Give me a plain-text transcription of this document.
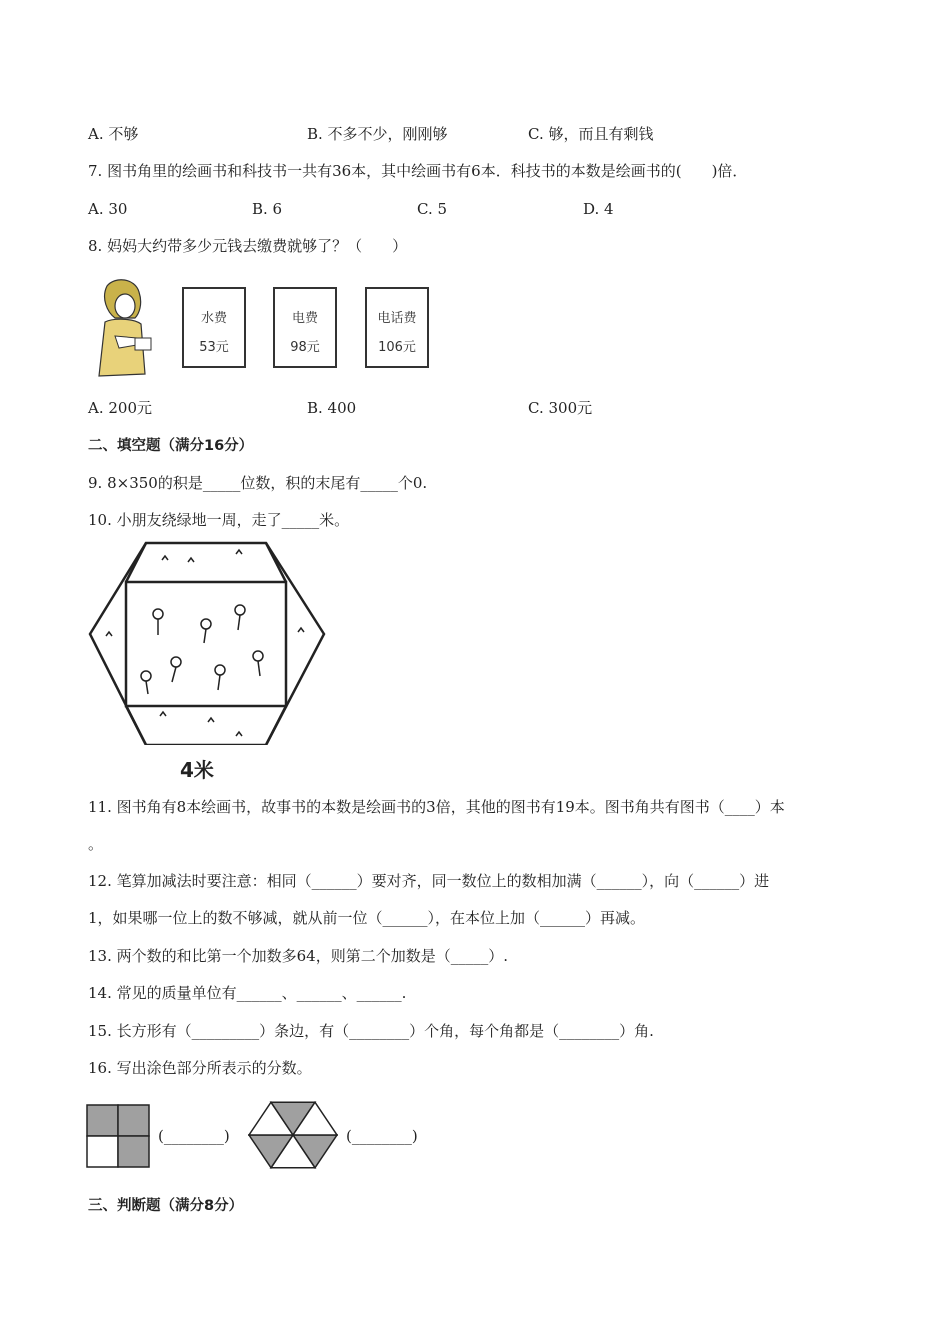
A. 不够	B. 不多不少，刚刚够	C. 够，而且有剩钱
7. 图书角里的绘画书和科技书一共有36本，其中绘画书有6本．科技书的本数是绘画书的(　　)倍．
A. 30	B. 6	C. 5	D. 4
8. 妈妈大约带多少元钱去缴费就够了？（　　）
水费
53元
电费
98元
电话费
106元
A. 200元	B. 400	C. 300元
二、填空题（满分16分）
9. 8×350的积是_____位数，积的末尾有_____个0.
10. 小朋友绕绿地一周，走了_____米。
4米
11. 图书角有8本绘画书，故事书的本数是绘画书的3倍，其他的图书有19本。图书角共有图书（____）本
。
12. 笔算加减法时要注意：相同（______）要对齐，同一数位上的数相加满（______），向（______）进
1，如果哪一位上的数不够减，就从前一位（______），在本位上加（______）再减。
13. 两个数的和比第一个加数多64，则第二个加数是（_____）.
14. 常见的质量单位有______、______、______.
15. 长方形有（_________）条边，有（________）个角，每个角都是（________）角.
16. 写出涂色部分所表示的分数。
(________)	(________)
三、判断题（满分8分）
